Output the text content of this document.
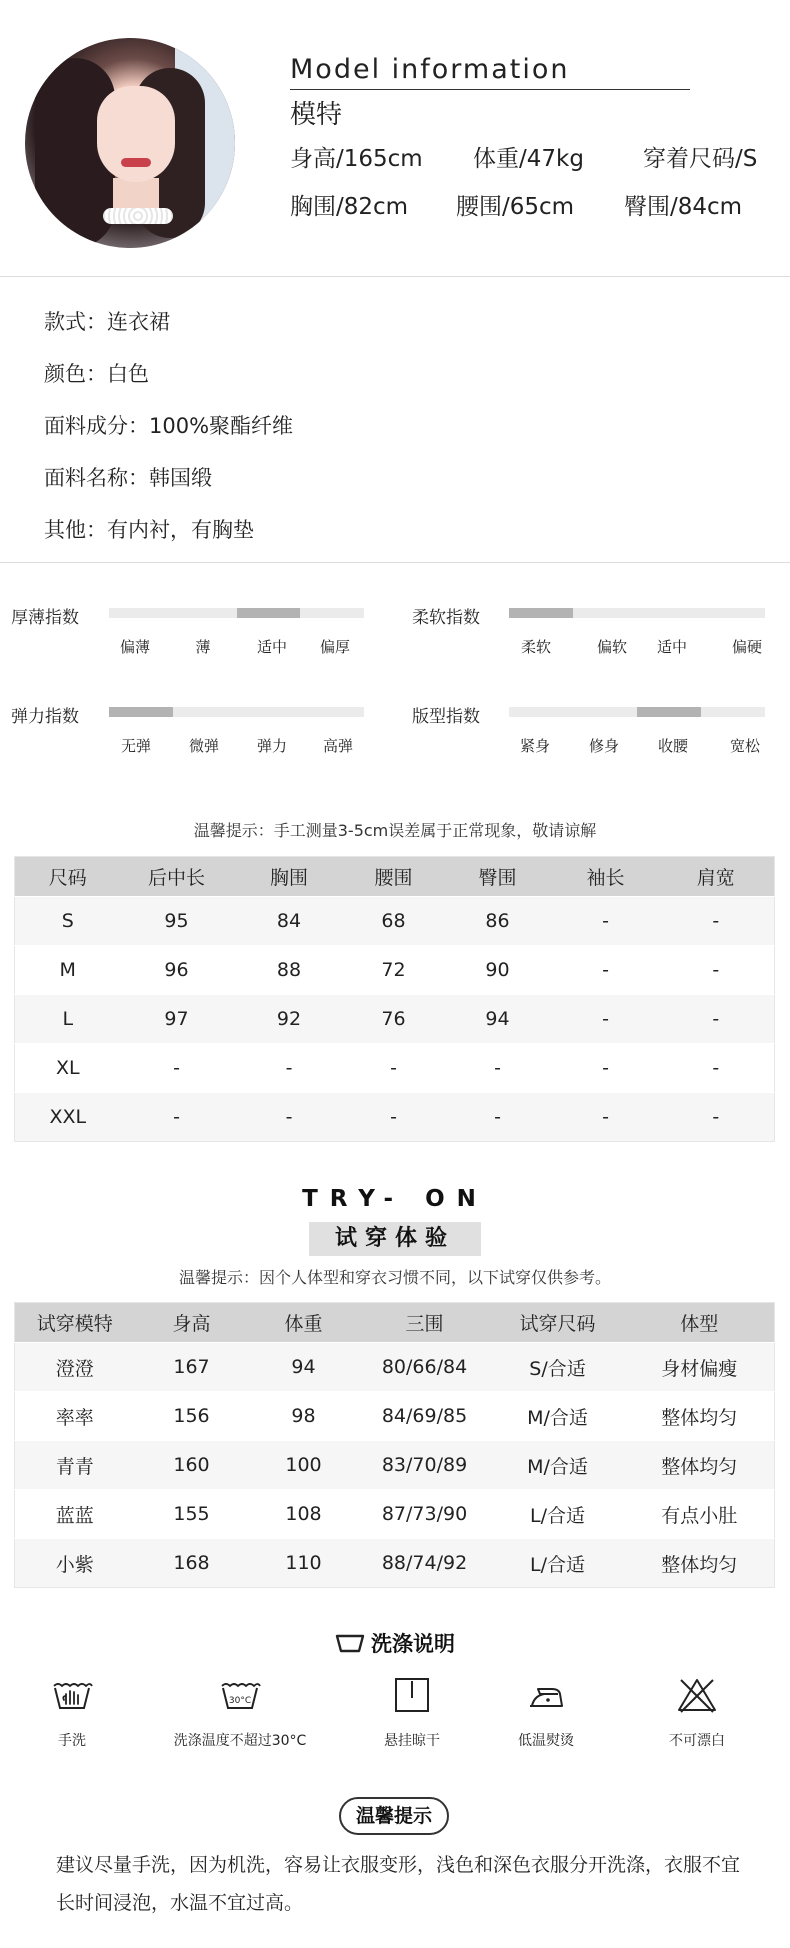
Model information
模特
身高/165cm 体重/47kg	穿着尺码/S
胸围/82cm 腰围/65cm 臀围/84cm
款式：连衣裙
颜色：白色
面料成分：100%聚酯纤维
面料名称：韩国缎
其他：有内衬，有胸垫
厚薄指数
偏薄	薄	适中 偏厚
柔软指数
柔软	偏软 适中	偏硬
弹力指数
无弹	微弹	弹力 高弹
版型指数
紧身	修身	收腰	宽松
温馨提示：手工测量3-5cm误差属于正常现象，敬请谅解
尺码	后中长	胸围	腰围	臀围	袖长	肩宽
S	95	84	68	86	-	-
M	96	88	72	90	-	-
L	97	92	76	94	-	-
XL	-	-	-	-	-	-
XXL	-	-	-	-	-	-
TRY- ON
试穿体验
温馨提示：因个人体型和穿衣习惯不同，以下试穿仅供参考。
试穿模特	身高	体重	三围	试穿尺码	体型
澄澄	167	94	80/66/84	S/合适	身材偏瘦
率率	156	98	84/69/85	M/合适	整体均匀
青青	160	100	83/70/89	M/合适	整体均匀
蓝蓝	155	108	87/73/90	L/合适	有点小肚
小紫	168	110	88/74/92	L/合适	整体均匀
洗涤说明
手洗
30°C
洗涤温度不超过30°C	悬挂晾干	低温熨烫	不可漂白
温馨提示
建议尽量手洗，因为机洗，容易让衣服变形，浅色和深色衣服分开洗涤，衣服不宜长时间浸泡，水温不宜过高。
